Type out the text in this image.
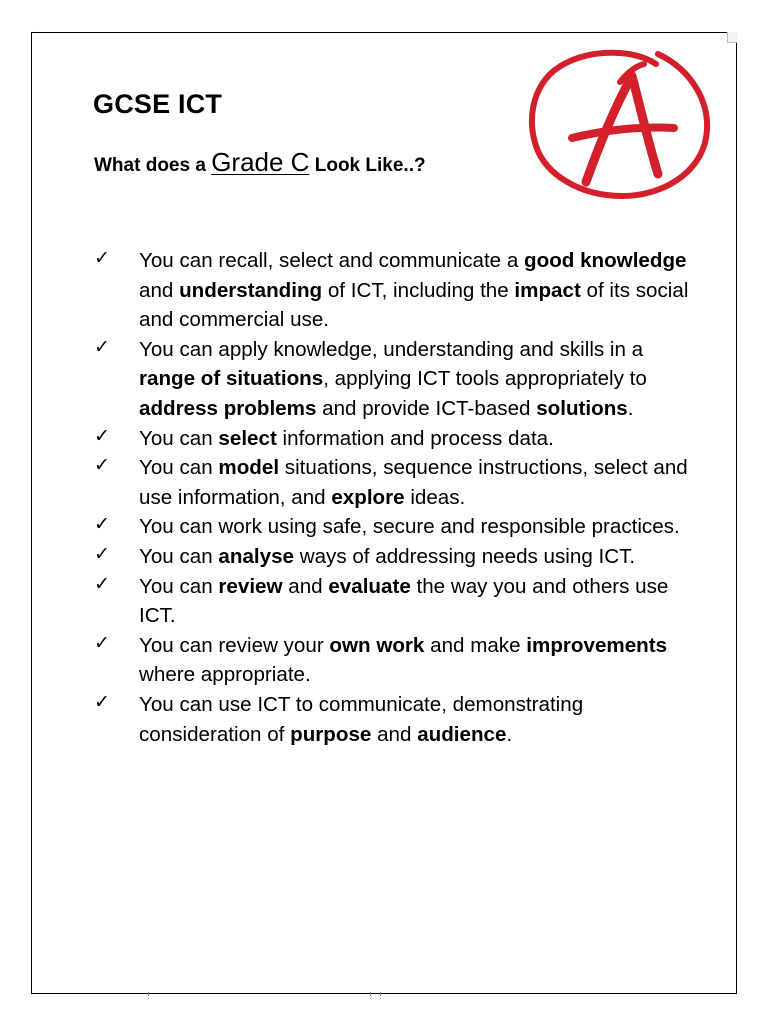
˙
GCSE ICT

What does a Grade C Look Like..?

✓ You can recall, select and communicate a good knowledge and understanding of ICT, including the impact of its social and commercial use.
✓ You can apply knowledge, understanding and skills in a range of situations, applying ICT tools appropriately to address problems and provide ICT-based solutions.
✓ You can select information and process data.
✓ You can model situations, sequence instructions, select and use information, and explore ideas.
✓ You can work using safe, secure and responsible practices.
✓ You can analyse ways of addressing needs using ICT.
✓ You can review and evaluate the way you and others use ICT.
✓ You can review your own work and make improvements where appropriate.
✓ You can use ICT to communicate, demonstrating consideration of purpose and audience.
